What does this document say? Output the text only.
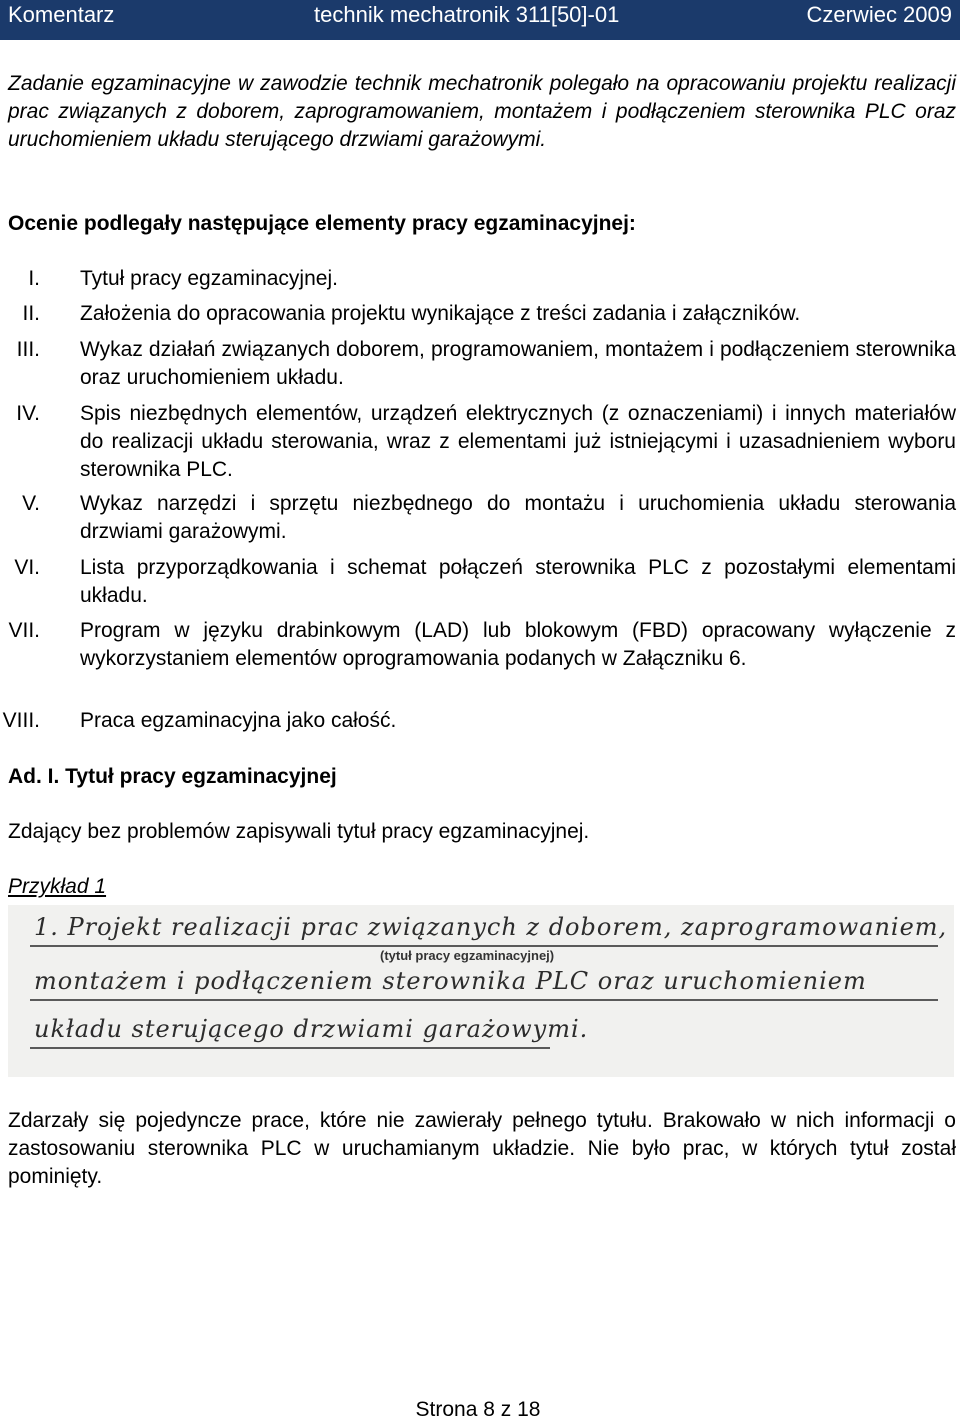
Komentarz	technik mechatronik 311[50]-01	Czerwiec 2009

Zadanie egzaminacyjne w zawodzie technik mechatronik polegało na opracowaniu projektu realizacji prac związanych z doborem, zaprogramowaniem, montażem i podłączeniem sterownika PLC oraz uruchomieniem układu sterującego drzwiami garażowymi.

Ocenie podlegały następujące elementy pracy egzaminacyjnej:

I. Tytuł pracy egzaminacyjnej.
II. Założenia do opracowania projektu wynikające z treści zadania i załączników.
III. Wykaz działań związanych doborem, programowaniem, montażem i podłączeniem sterownika oraz uruchomieniem układu.
IV. Spis niezbędnych elementów, urządzeń elektrycznych (z oznaczeniami) i innych materiałów do realizacji układu sterowania, wraz z elementami już istniejącymi i uzasadnieniem wyboru sterownika PLC.
V. Wykaz narzędzi i sprzętu niezbędnego do montażu i uruchomienia układu sterowania drzwiami garażowymi.
VI. Lista przyporządkowania i schemat połączeń sterownika PLC z pozostałymi elementami układu.
VII. Program w języku drabinkowym (LAD) lub blokowym (FBD) opracowany wyłączenie z wykorzystaniem elementów oprogramowania podanych w Załączniku 6.
VIII. Praca egzaminacyjna jako całość.

Ad. I. Tytuł pracy egzaminacyjnej

Zdający bez problemów zapisywali tytuł pracy egzaminacyjnej.

Przykład 1

1. Projekt realizacji prac związanych z doborem, zaprogramowaniem,
(tytuł pracy egzaminacyjnej)
montażem i podłączeniem sterownika PLC oraz uruchomieniem
układu sterującego drzwiami garażowymi.

Zdarzały się pojedyncze prace, które nie zawierały pełnego tytułu. Brakowało w nich informacji o zastosowaniu sterownika PLC w uruchamianym układzie. Nie było prac, w których tytuł został pominięty.

Strona 8 z 18
